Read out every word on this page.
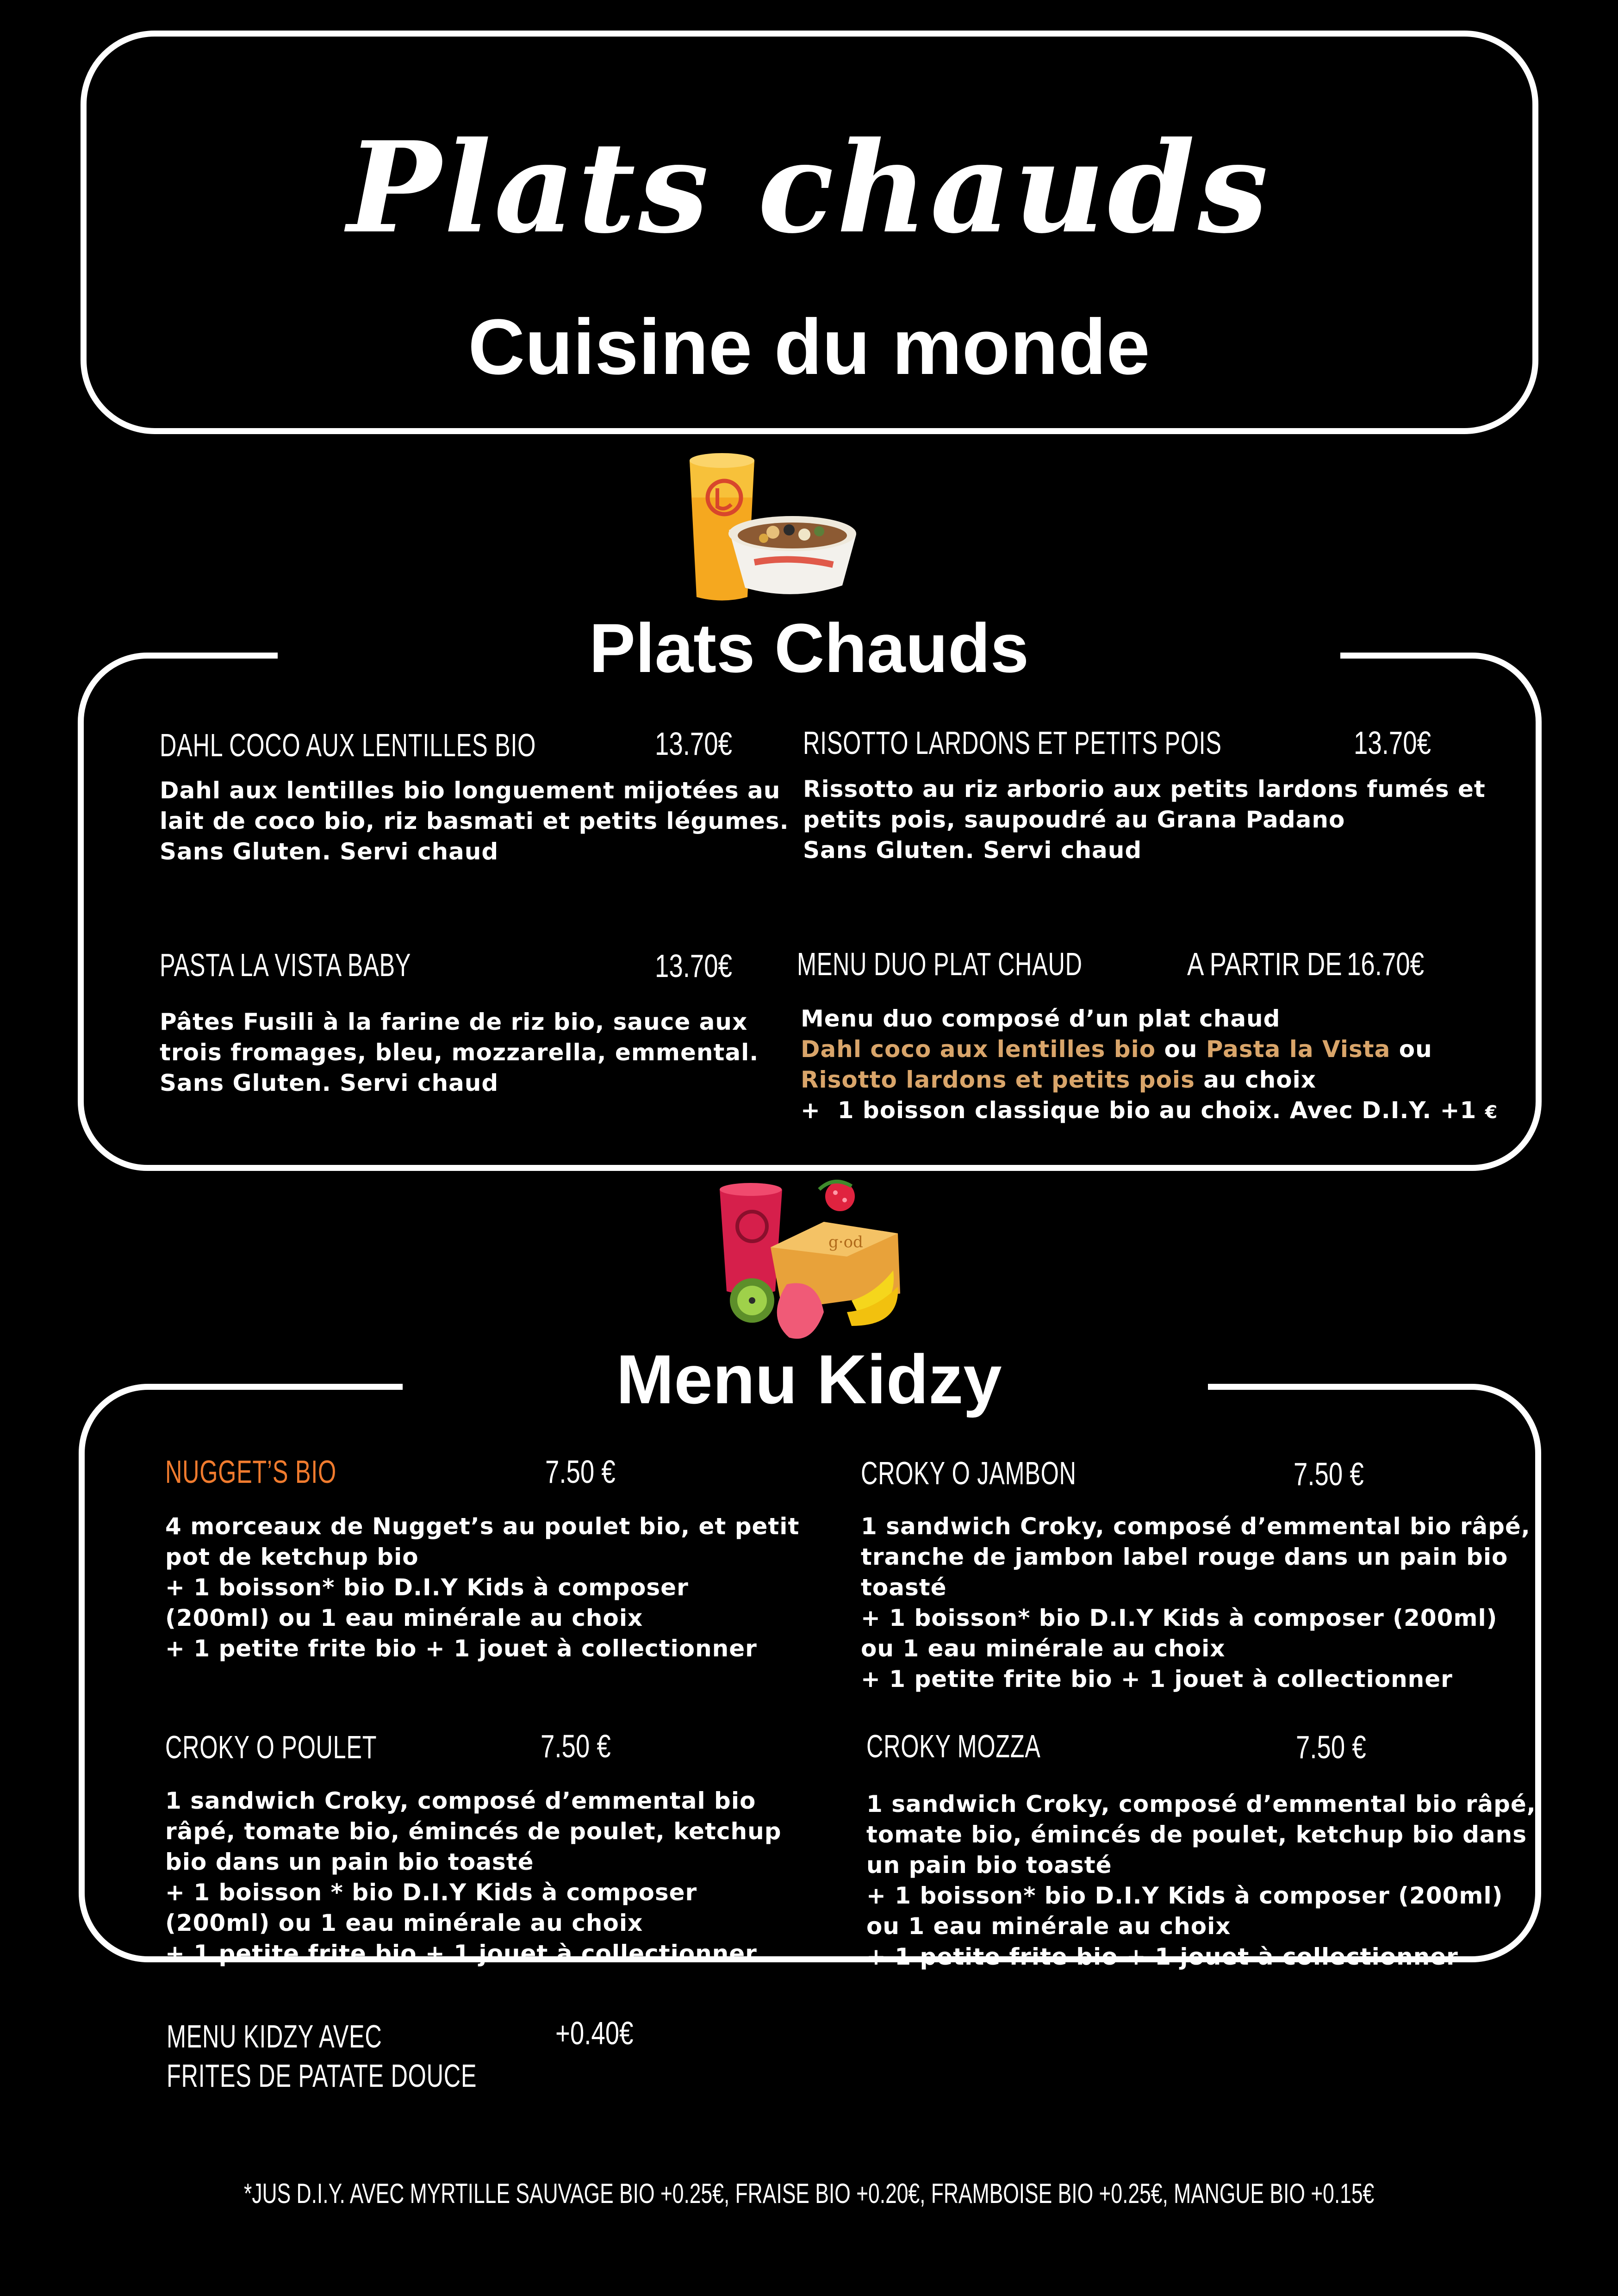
Plats chauds
Cuisine du monde
Plats Chauds
DAHL COCO AUX LENTILLES BIO	13.70€
Dahl aux lentilles bio longuement mijotées au
lait de coco bio, riz basmati et petits légumes.
Sans Gluten. Servi chaud
RISOTTO LARDONS ET PETITS POIS	13.70€
Rissotto au riz arborio aux petits lardons fumés et
petits pois, saupoudré au Grana Padano
Sans Gluten. Servi chaud
PASTA LA VISTA BABY	13.70€
Pâtes Fusili à la farine de riz bio, sauce aux
trois fromages, bleu, mozzarella, emmental.
Sans Gluten. Servi chaud
MENU DUO PLAT CHAUD	A PARTIR DE 16.70€
Menu duo composé d’un plat chaud
Dahl coco aux lentilles bio ou Pasta la Vista ou
Risotto lardons et petits pois au choix
+  1 boisson classique bio au choix. Avec D.I.Y. +1 €
g·od
Menu Kidzy
NUGGET’S BIO	7.50 €
4 morceaux de Nugget’s au poulet bio, et petit
pot de ketchup bio
+ 1 boisson* bio D.I.Y Kids à composer
(200ml) ou 1 eau minérale au choix
+ 1 petite frite bio + 1 jouet à collectionner
CROKY O JAMBON	7.50 €
1 sandwich Croky, composé d’emmental bio râpé,
tranche de jambon label rouge dans un pain bio
toasté
+ 1 boisson* bio D.I.Y Kids à composer (200ml)
ou 1 eau minérale au choix
+ 1 petite frite bio + 1 jouet à collectionner
CROKY O POULET	7.50 €
1 sandwich Croky, composé d’emmental bio
râpé, tomate bio, émincés de poulet, ketchup
bio dans un pain bio toasté
+ 1 boisson * bio D.I.Y Kids à composer
(200ml) ou 1 eau minérale au choix
+ 1 petite frite bio + 1 jouet à collectionner
CROKY MOZZA	7.50 €
1 sandwich Croky, composé d’emmental bio râpé,
tomate bio, émincés de poulet, ketchup bio dans
un pain bio toasté
+ 1 boisson* bio D.I.Y Kids à composer (200ml)
ou 1 eau minérale au choix
+ 1 petite frite bio + 1 jouet à collectionner
MENU KIDZY AVEC
FRITES DE PATATE DOUCE
+0.40€
*JUS D.I.Y. AVEC MYRTILLE SAUVAGE BIO +0.25€, FRAISE BIO +0.20€, FRAMBOISE BIO +0.25€, MANGUE BIO +0.15€
